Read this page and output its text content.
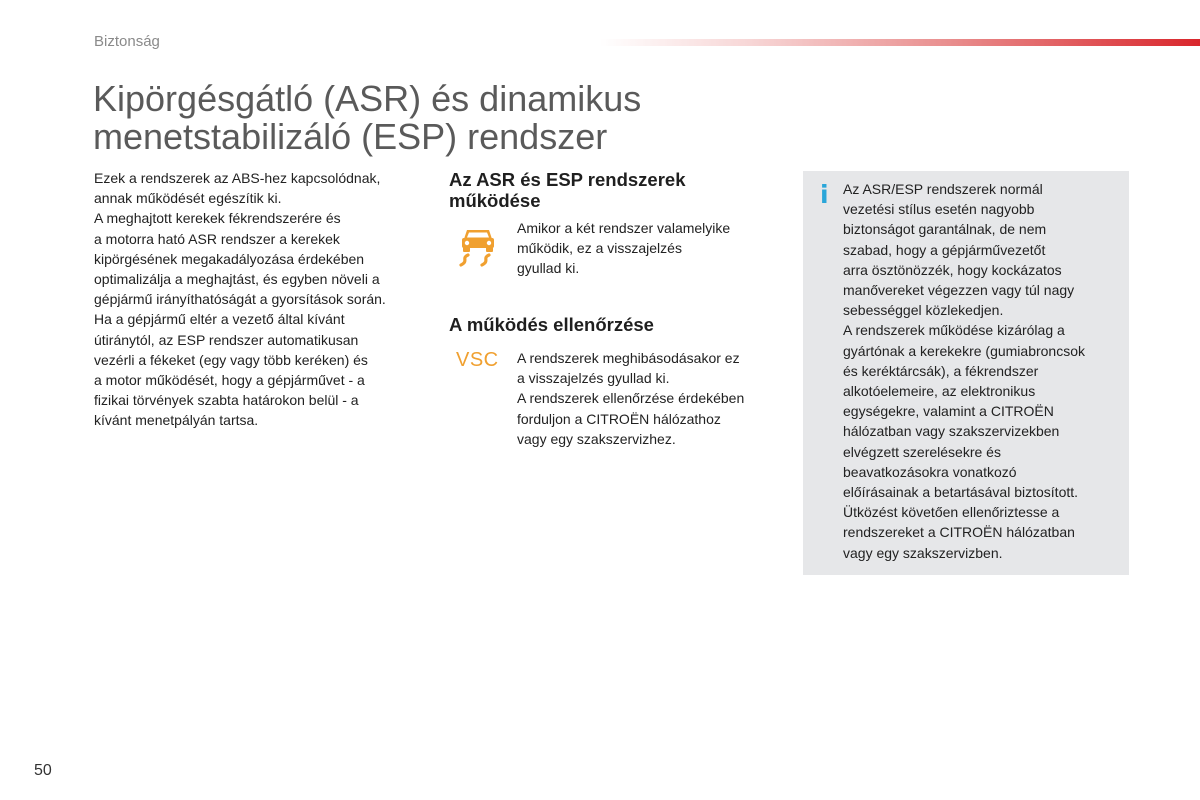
Biztonság
Kipörgésgátló (ASR) és dinamikus
menetstabilizáló (ESP) rendszer
Ezek a rendszerek az ABS-hez kapcsolódnak,
annak működését egészítik ki.
A meghajtott kerekek fékrendszerére és
a motorra ható ASR rendszer a kerekek
kipörgésének megakadályozása érdekében
optimalizálja a meghajtást, és egyben növeli a
gépjármű irányíthatóságát a gyorsítások során.
Ha a gépjármű eltér a vezető által kívánt
útiránytól, az ESP rendszer automatikusan
vezérli a fékeket (egy vagy több keréken) és
a motor működését, hogy a gépjárművet - a
fizikai törvények szabta határokon belül - a
kívánt menetpályán tartsa.
Az ASR és ESP rendszerek
működése
Amikor a két rendszer valamelyike
működik, ez a visszajelzés
gyullad ki.
A működés ellenőrzése
VSC A rendszerek meghibásodásakor ez
a visszajelzés gyullad ki.
A rendszerek ellenőrzése érdekében
forduljon a CITROËN hálózathoz
vagy egy szakszervizhez.
i Az ASR/ESP rendszerek normál
vezetési stílus esetén nagyobb
biztonságot garantálnak, de nem
szabad, hogy a gépjárművezetőt
arra ösztönözzék, hogy kockázatos
manővereket végezzen vagy túl nagy
sebességgel közlekedjen.
A rendszerek működése kizárólag a
gyártónak a kerekekre (gumiabroncsok
és keréktárcsák), a fékrendszer
alkotóelemeire, az elektronikus
egységekre, valamint a CITROËN
hálózatban vagy szakszervizekben
elvégzett szerelésekre és
beavatkozásokra vonatkozó
előírásainak a betartásával biztosított.
Ütközést követően ellenőriztesse a
rendszereket a CITROËN hálózatban
vagy egy szakszervizben.
50
